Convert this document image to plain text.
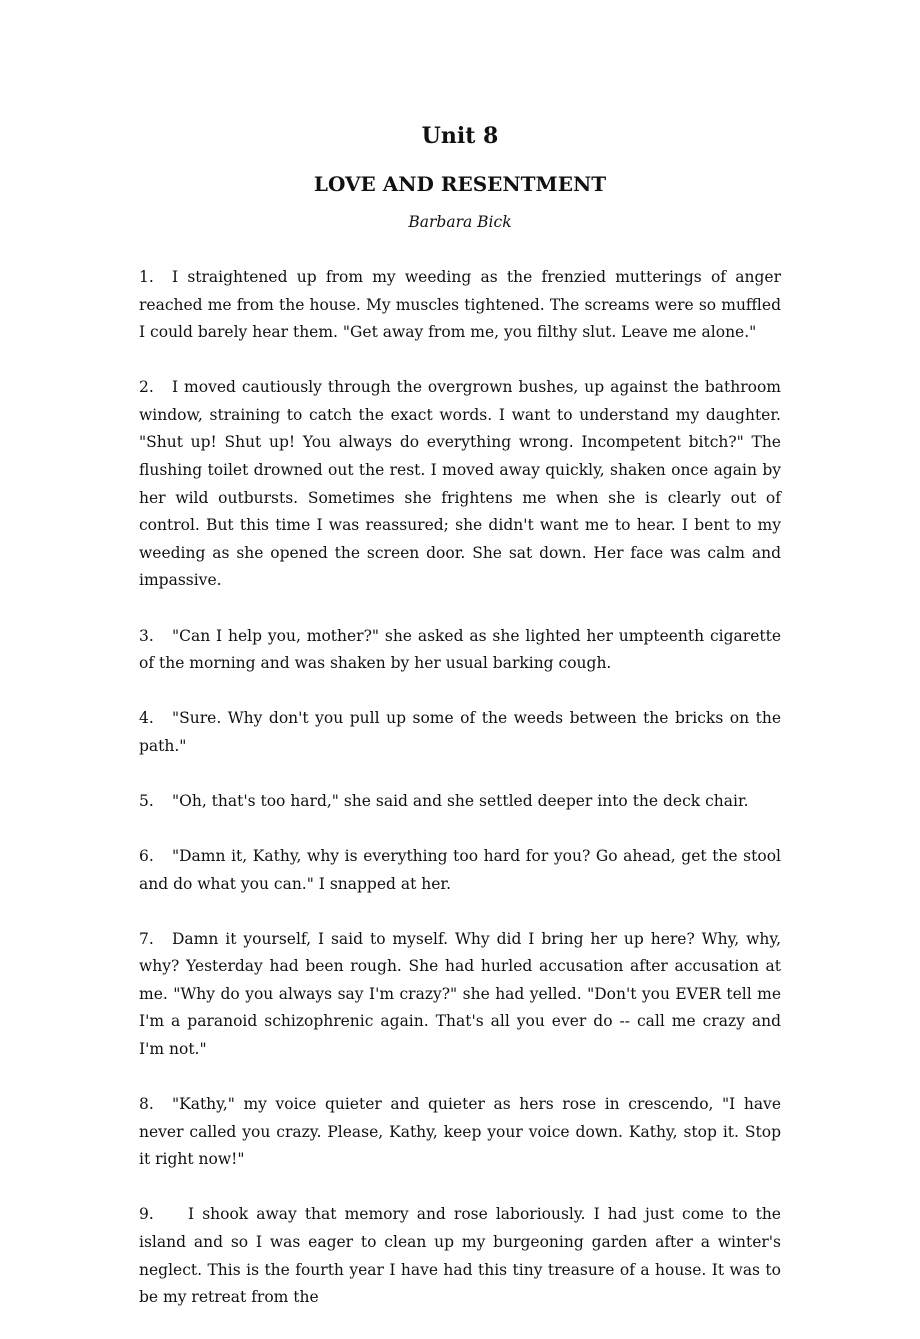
Unit 8
LOVE AND RESENTMENT
Barbara Bick

1. I straightened up from my weeding as the frenzied mutterings of anger reached me from the house. My muscles tightened. The screams were so muffled I could barely hear them. "Get away from me, you filthy slut. Leave me alone."

2. I moved cautiously through the overgrown bushes, up against the bathroom window, straining to catch the exact words. I want to understand my daughter. "Shut up! Shut up! You always do everything wrong. Incompetent bitch?" The flushing toilet drowned out the rest. I moved away quickly, shaken once again by her wild outbursts. Sometimes she frightens me when she is clearly out of control. But this time I was reassured; she didn't want me to hear. I bent to my weeding as she opened the screen door. She sat down. Her face was calm and impassive.

3. "Can I help you, mother?" she asked as she lighted her umpteenth cigarette of the morning and was shaken by her usual barking cough.

4. "Sure. Why don't you pull up some of the weeds between the bricks on the path."

5. "Oh, that's too hard," she said and she settled deeper into the deck chair.

6. "Damn it, Kathy, why is everything too hard for you? Go ahead, get the stool and do what you can." I snapped at her.

7. Damn it yourself, I said to myself. Why did I bring her up here? Why, why, why? Yesterday had been rough. She had hurled accusation after accusation at me. "Why do you always say I'm crazy?" she had yelled. "Don't you EVER tell me I'm a paranoid schizophrenic again. That's all you ever do -- call me crazy and I'm not."

8. "Kathy," my voice quieter and quieter as hers rose in crescendo, "I have never called you crazy. Please, Kathy, keep your voice down. Kathy, stop it. Stop it right now!"

9. I shook away that memory and rose laboriously. I had just come to the island and so I was eager to clean up my burgeoning garden after a winter's neglect. This is the fourth year I have had this tiny treasure of a house. It was to be my retreat from the
